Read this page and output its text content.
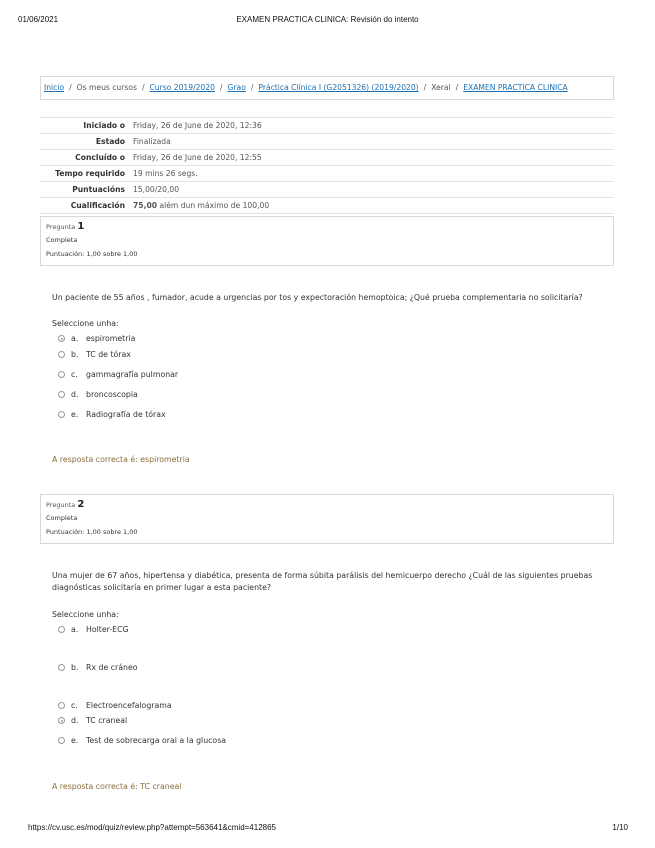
01/06/2021	EXAMEN PRACTICA CLINICA: Revisión do intento
Inicio / Os meus cursos / Curso 2019/2020 / Grao / Práctica Clínica I (G2051326) (2019/2020) / Xeral / EXAMEN PRACTICA CLINICA
Iniciado o	Friday, 26 de June de 2020, 12:36
Estado	Finalizada
Concluído o	Friday, 26 de June de 2020, 12:55
Tempo requirido	19 mins 26 segs.
Puntuacións	15,00/20,00
Cualificación	75,00 além dun máximo de 100,00
Pregunta 1
Completa
Puntuación: 1,00 sobre 1,00
Un paciente de 55 años , fumador, acude a urgencias por tos y expectoración hemoptoica; ¿Qué prueba complementaria no solicitaría?
Seleccione unha:
a. espirometria
b. TC de tórax
c.	gammagrafía pulmonar
d. broncoscopia
e. Radiografía de tórax
A resposta correcta é: espirometria
Pregunta 2
Completa
Puntuación: 1,00 sobre 1,00
Una mujer de 67 años, hipertensa y diabética, presenta de forma súbita parálisis del hemicuerpo derecho ¿Cuál de las siguientes pruebas diagnósticas solicitaría en primer lugar a esta paciente?
Seleccione unha:
a. Holter-ECG
b. Rx de cráneo
c.	Electroencefalograma
d. TC craneal
e. Test de sobrecarga oral a la glucosa
A resposta correcta é: TC craneal
https://cv.usc.es/mod/quiz/review.php?attempt=563641&cmid=412865	1/10
